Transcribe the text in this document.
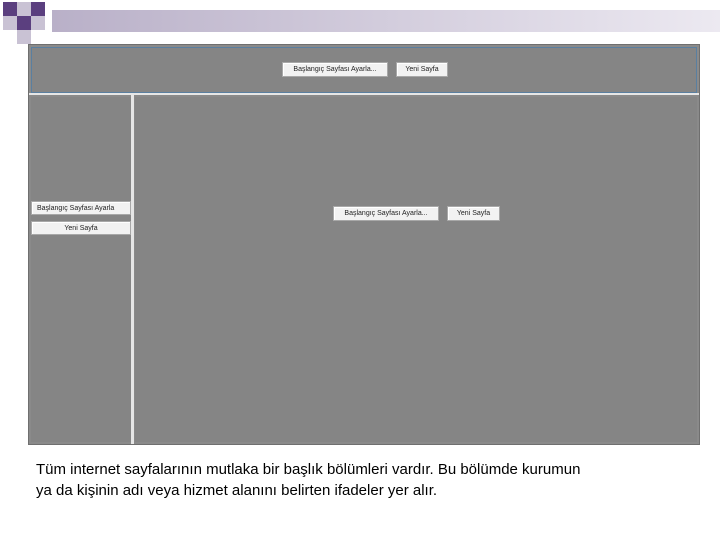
Başlangıç Sayfası Ayarla...	Yeni Sayfa
Başlangıç Sayfası Ayarla
Yeni Sayfa
Başlangıç Sayfası Ayarla...	Yeni Sayfa
Tüm internet sayfalarının mutlaka bir başlık bölümleri vardır. Bu bölümde kurumun
ya da kişinin adı veya hizmet alanını belirten ifadeler yer alır.
